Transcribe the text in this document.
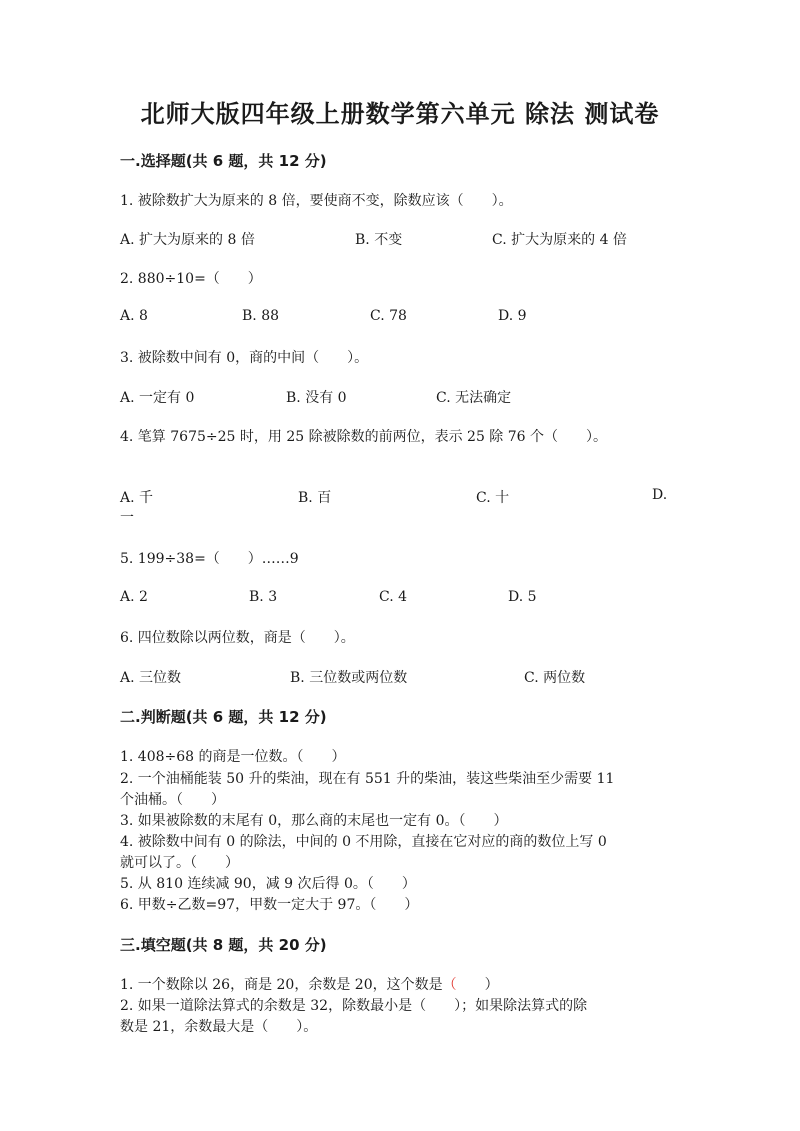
北师大版四年级上册数学第六单元 除法 测试卷
一.选择题(共 6 题，共 12 分)
1. 被除数扩大为原来的 8 倍，要使商不变，除数应该（　　）。
A. 扩大为原来的 8 倍	B. 不变	C. 扩大为原来的 4 倍
2. 880÷10=（　　）
A. 8	B. 88	C. 78	D. 9
3. 被除数中间有 0，商的中间（　　）。
A. 一定有 0	B. 没有 0	C. 无法确定
4. 笔算 7675÷25 时，用 25 除被除数的前两位，表示 25 除 76 个（　　）。
A. 千	B. 百	C. 十	D.
一
5. 199÷38=（　　）……9
A. 2	B. 3	C. 4	D. 5
6. 四位数除以两位数，商是（　　）。
A. 三位数	B. 三位数或两位数	C. 两位数
二.判断题(共 6 题，共 12 分)
1. 408÷68 的商是一位数。（　　）
2. 一个油桶能装 50 升的柴油，现在有 551 升的柴油，装这些柴油至少需要 11
个油桶。（　　）
3. 如果被除数的末尾有 0，那么商的末尾也一定有 0。（　　）
4. 被除数中间有 0 的除法，中间的 0 不用除，直接在它对应的商的数位上写 0
就可以了。（　　）
5. 从 810 连续减 90，减 9 次后得 0。（　　）
6. 甲数÷乙数=97，甲数一定大于 97。（　　）
三.填空题(共 8 题，共 20 分)
1. 一个数除以 26，商是 20，余数是 20，这个数是（　　）
2. 如果一道除法算式的余数是 32，除数最小是（　　）；如果除法算式的除
数是 21，余数最大是（　　）。
